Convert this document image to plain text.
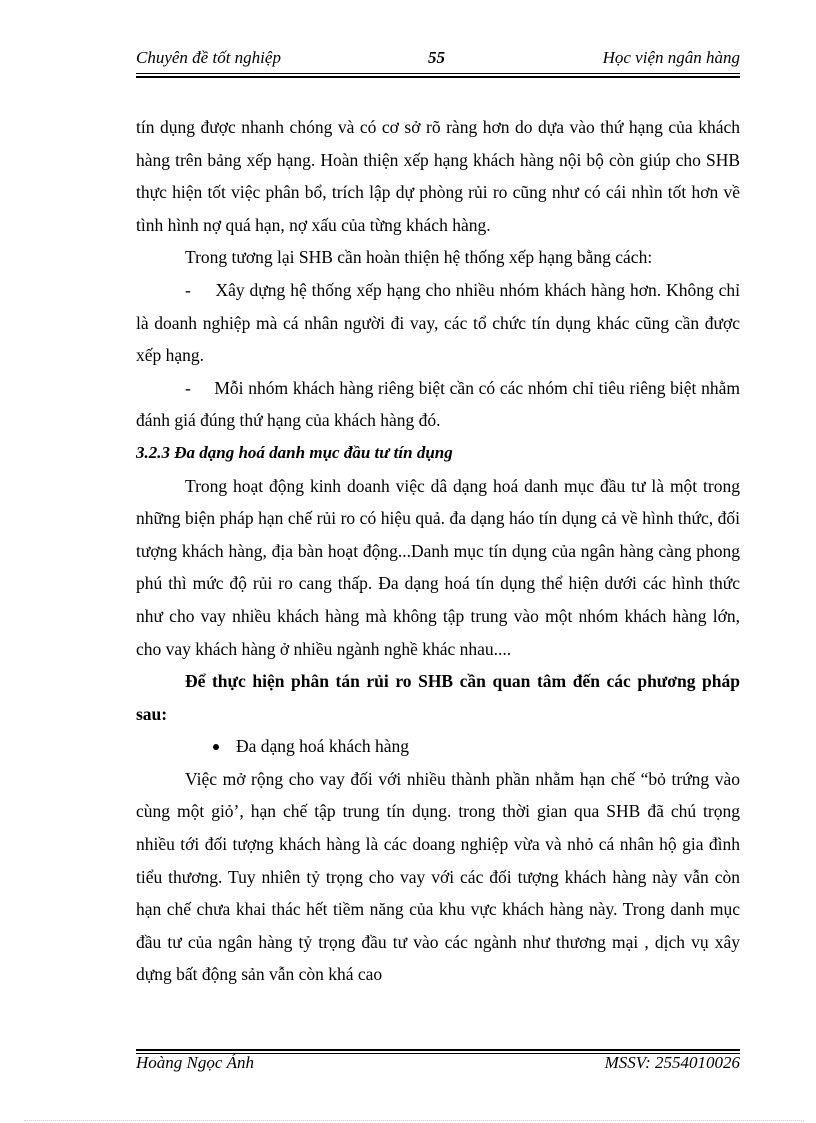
Chuyên đề tốt nghiệp	55	Học viện ngân hàng

tín dụng được nhanh chóng và có cơ sở rõ ràng hơn do dựa vào thứ hạng của khách hàng trên bảng xếp hạng. Hoàn thiện xếp hạng khách hàng nội bộ còn giúp cho SHB thực hiện tốt việc phân bổ, trích lập dự phòng rủi ro cũng như có cái nhìn tốt hơn về tình hình nợ quá hạn, nợ xấu của từng khách hàng.

Trong tương lại SHB cần hoàn thiện hệ thống xếp hạng bằng cách:

-     Xây dựng hệ thống xếp hạng cho nhiều nhóm khách hàng hơn. Không chỉ là doanh nghiệp mà cá nhân người đi vay, các tổ chức tín dụng khác cũng cần được xếp hạng.

-     Mỗi nhóm khách hàng riêng biệt cần có các nhóm chỉ tiêu riêng biệt nhằm đánh giá đúng thứ hạng của khách hàng đó.

3.2.3 Đa dạng hoá danh mục đầu tư tín dụng

Trong hoạt động kinh doanh việc dâ dạng hoá danh mục đầu tư là một trong những biện pháp hạn chế rủi ro có hiệu quả. đa dạng háo tín dụng cả về hình thức, đối tượng khách hàng, địa bàn hoạt động...Danh mục tín dụng của ngân hàng càng phong phú thì mức độ rủi ro cang thấp. Đa dạng hoá tín dụng thể hiện dưới các hình thức như cho vay nhiều khách hàng mà không tập trung vào một nhóm khách hàng lớn, cho vay khách hàng ở nhiều ngành nghề khác nhau....

Để thực hiện phân tán rủi ro SHB cần quan tâm đến các phương pháp sau:

Đa dạng hoá khách hàng

Việc mở rộng cho vay đối với nhiều thành phần nhằm hạn chế “bỏ trứng vào cùng một giỏ’, hạn chế tập trung tín dụng. trong thời gian qua SHB đã chú trọng nhiều tới đối tượng khách hàng là các doang nghiệp vừa và nhỏ cá nhân hộ gia đình tiểu thương. Tuy nhiên tỷ trọng cho vay với các đối tượng khách hàng này vẫn còn hạn chế chưa khai thác hết tiềm năng của khu vực khách hàng này. Trong danh mục đầu tư của ngân hàng tỷ trọng đầu tư vào các ngành như thương mại , dịch vụ xây dựng bất động sản vẫn còn khá cao

Hoàng Ngọc Ánh	MSSV: 2554010026
